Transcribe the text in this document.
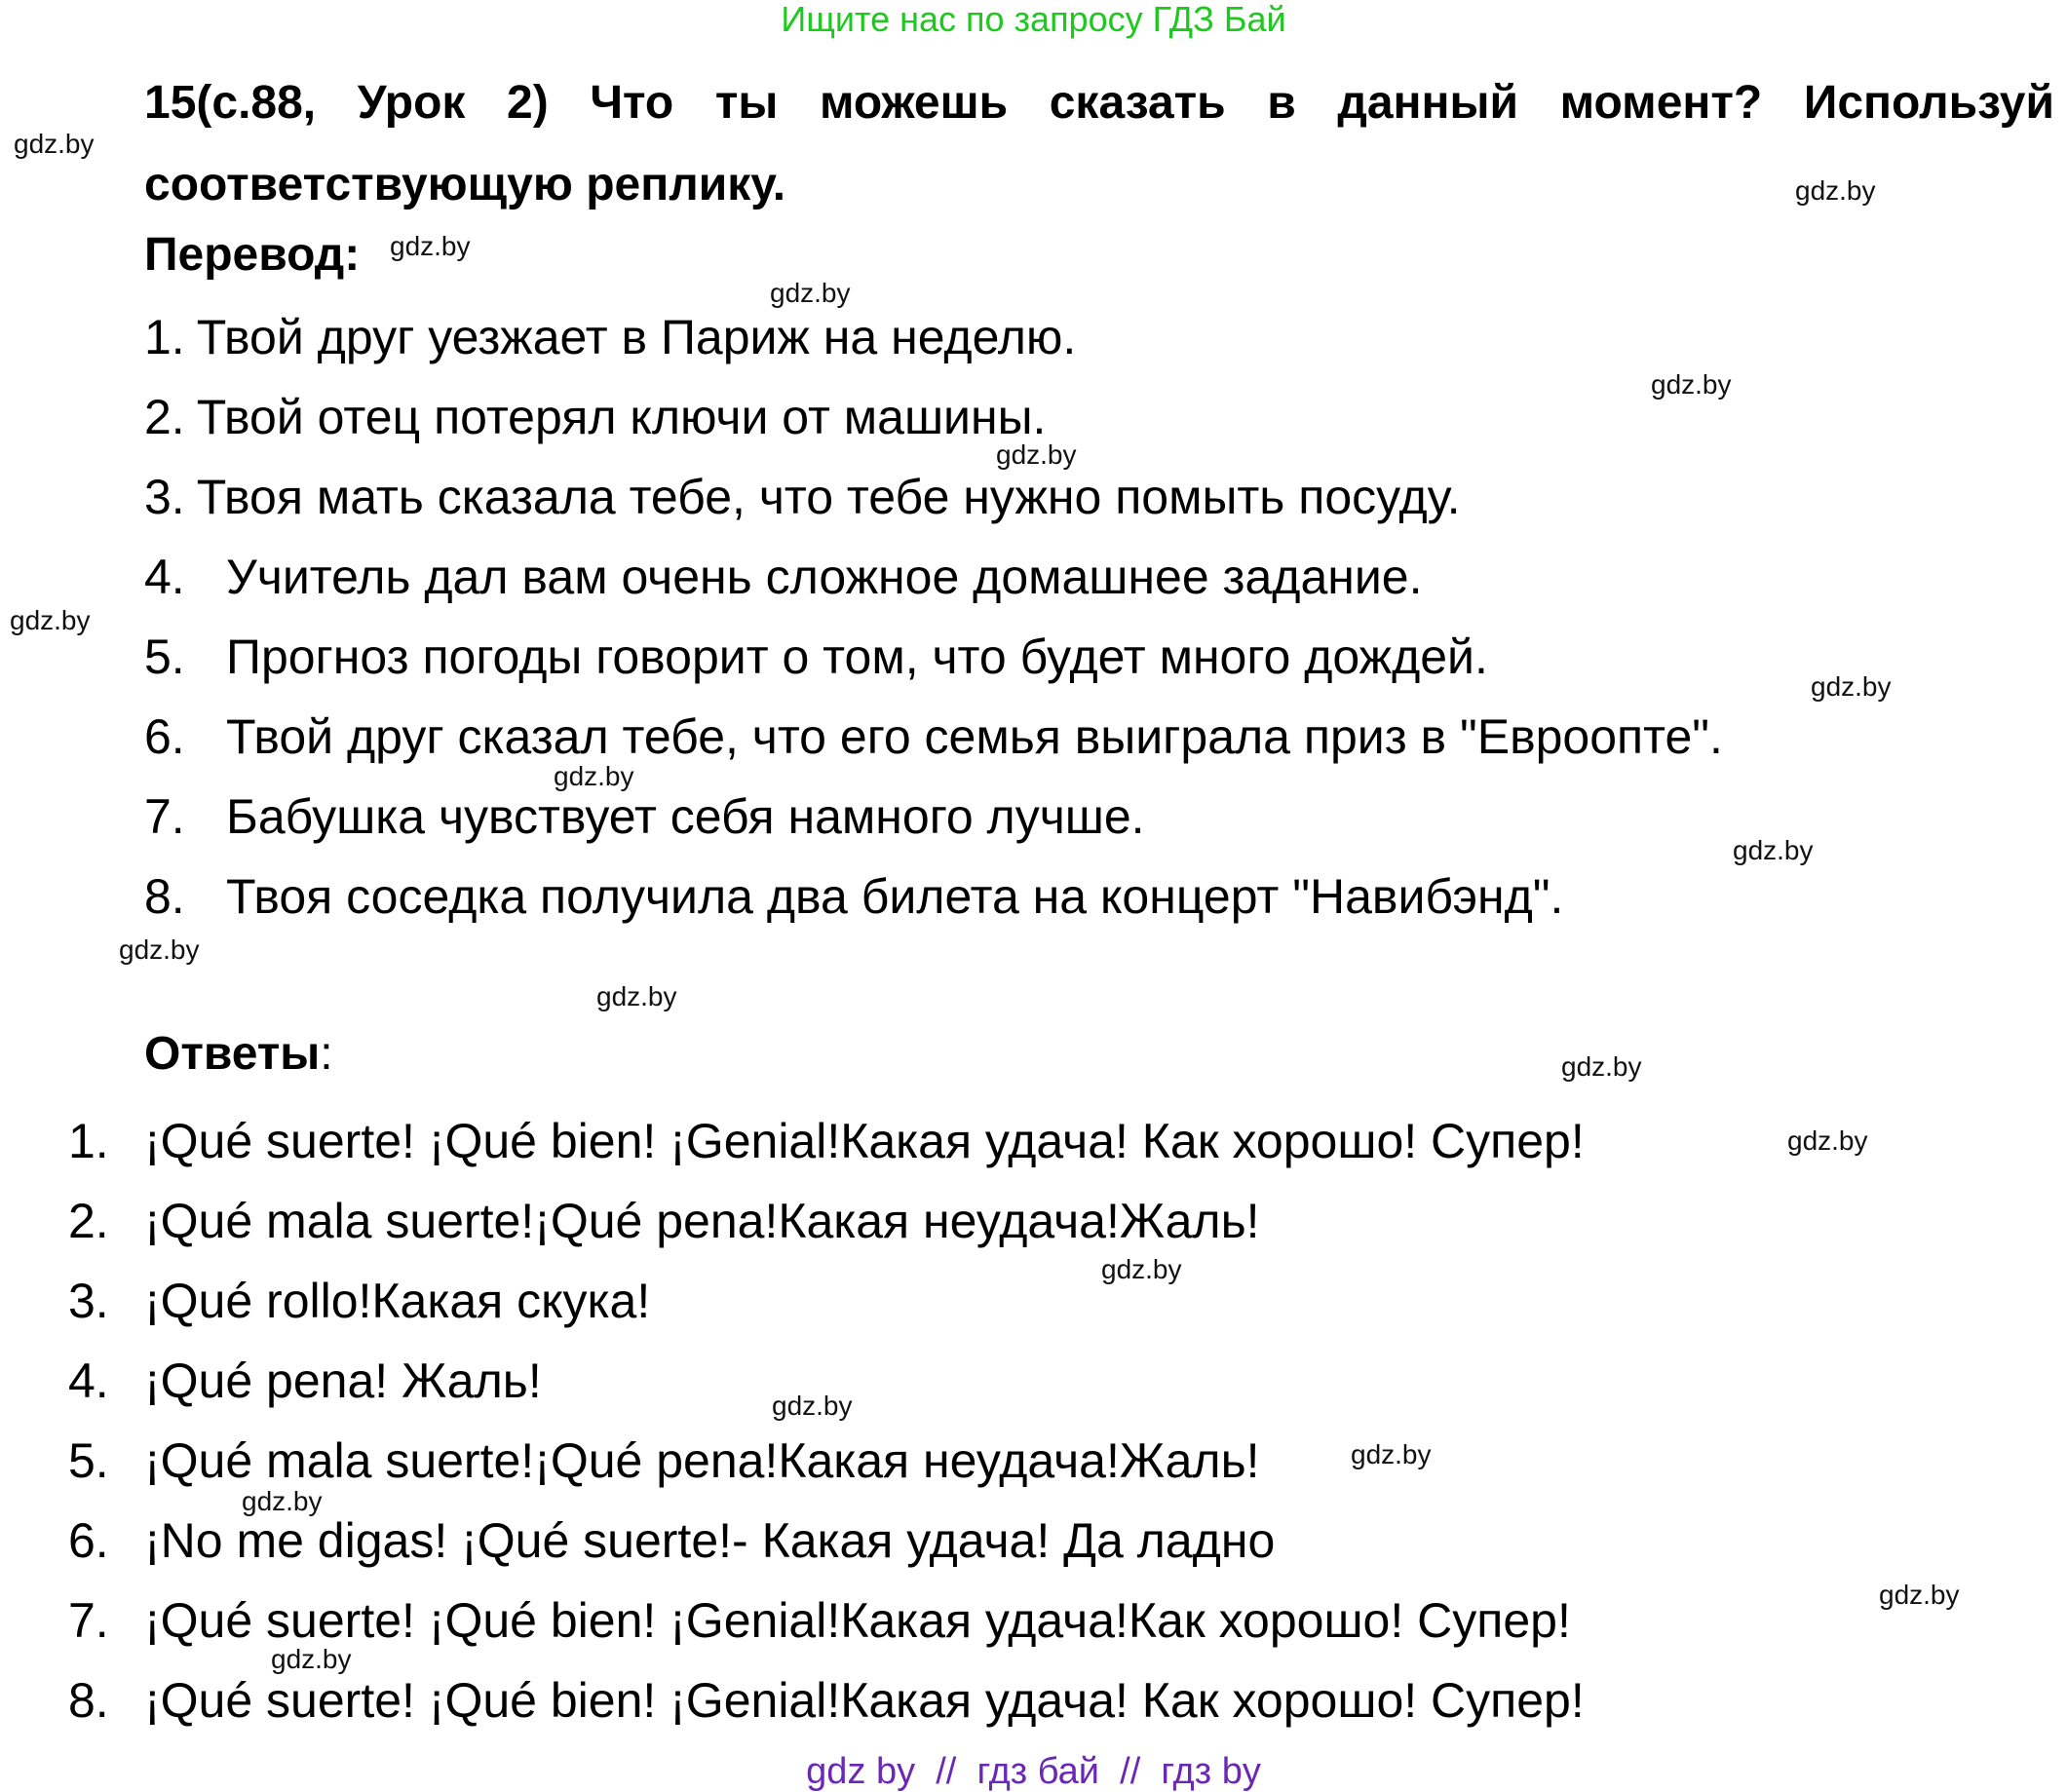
Ищите нас по запросу ГДЗ Бай
15(с.88, Урок 2) Что ты можешь сказать в данный момент? Используй соответствующую реплику.
Перевод:
1. Твой друг уезжает в Париж на неделю.
2. Твой отец потерял ключи от машины.
3. Твоя мать сказала тебе, что тебе нужно помыть посуду.
4. Учитель дал вам очень сложное домашнее задание.
5. Прогноз погоды говорит о том, что будет много дождей.
6. Твой друг сказал тебе, что его семья выиграла приз в "Евроопте".
7. Бабушка чувствует себя намного лучше.
8. Твоя соседка получила два билета на концерт "Навибэнд".
Ответы:
1. ¡Qué suerte! ¡Qué bien! ¡Genial!Какая удача! Как хорошо! Супер!
2. ¡Qué mala suerte!¡Qué pena!Какая неудача!Жаль!
3. ¡Qué rollo!Какая скука!
4. ¡Qué pena! Жаль!
5. ¡Qué mala suerte!¡Qué pena!Какая неудача!Жаль!
6. ¡No me digas! ¡Qué suerte!- Какая удача! Да ладно
7. ¡Qué suerte! ¡Qué bien! ¡Genial!Какая удача!Как хорошо! Супер!
8. ¡Qué suerte! ¡Qué bien! ¡Genial!Какая удача! Как хорошо! Супер!
gdz.by
gdz.by
gdz.by
gdz.by
gdz.by
gdz.by
gdz.by
gdz.by
gdz.by
gdz.by
gdz.by
gdz.by
gdz.by
gdz.by
gdz.by
gdz.by
gdz.by
gdz.by
gdz.by
gdz.by
gdz by  //  гдз бай  //  гдз by
